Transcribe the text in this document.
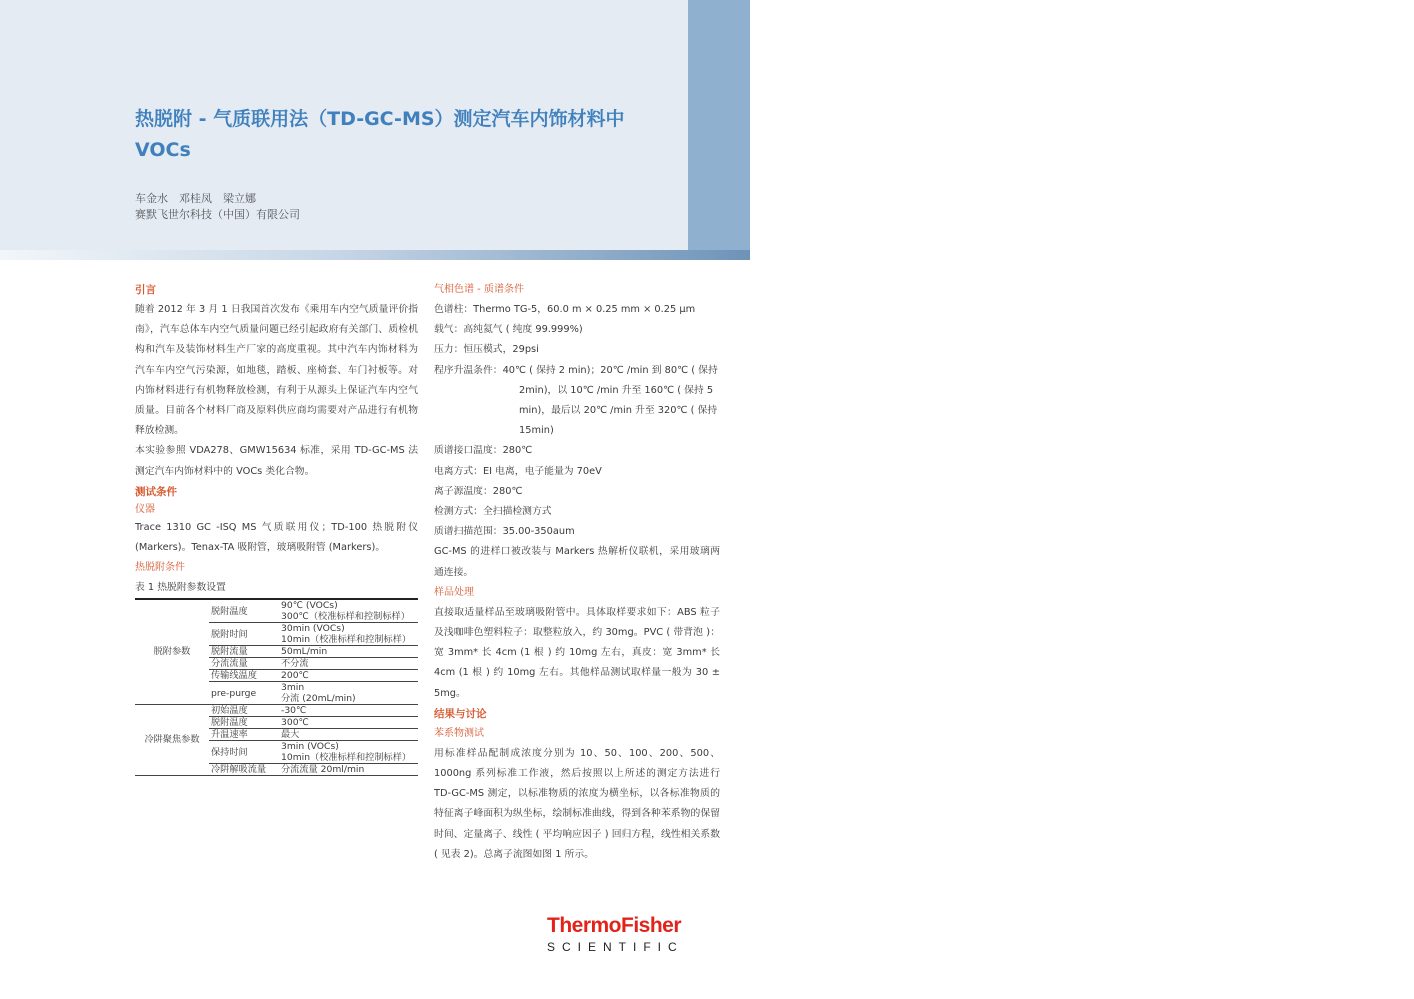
Application Notes C_GCMS-8
热脱附 - 气质联用法（TD-GC-MS）测定汽车内饰材料中 VOCs
车金水　邓桂凤　梁立娜
赛默飞世尔科技（中国）有限公司
引言

随着 2012 年 3 月 1 日我国首次发布《乘用车内空气质量评价指南》，汽车总体车内空气质量问题已经引起政府有关部门、质检机构和汽车及装饰材料生产厂家的高度重视。其中汽车内饰材料为汽车车内空气污染源，如地毯，踏板、座椅套、车门衬板等。对内饰材料进行有机物释放检测，有利于从源头上保证汽车内空气质量。目前各个材料厂商及原料供应商均需要对产品进行有机物释放检测。

本实验参照 VDA278、GMW15634 标准，采用 TD-GC-MS 法测定汽车内饰材料中的 VOCs 类化合物。

测试条件
仪器

Trace 1310 GC -ISQ MS 气质联用仪；TD-100 热脱附仪 (Markers)。Tenax-TA 吸附管，玻璃吸附管 (Markers)。

热脱附条件
表 1 热脱附参数设置
脱附参数	脱附温度	90℃ (VOCs)
300℃（校准标样和控制标样）

	脱附时间	30min (VOCs)
10min（校准标样和控制标样）

	脱附流量	50mL/min
	分流流量	不分流
	传输线温度	200℃
	pre-purge	3min
分流 (20mL/min)

冷阱聚焦参数	初始温度	-30℃
	脱附温度	300℃
	升温速率	最大
	保持时间	3min (VOCs)
10min（校准标样和控制标样）

	冷阱解吸流量	分流流量 20ml/min
气相色谱 - 质谱条件
色谱柱：Thermo TG-5，60.0 m × 0.25 mm × 0.25 μm
载气：高纯氦气 ( 纯度 99.999%)
压力：恒压模式，29psi
程序升温条件：40℃ ( 保持 2 min)；20℃ /min 到 80℃ ( 保持 2min)，以 10℃ /min 升至 160℃ ( 保持 5 min)，最后以 20℃ /min 升至 320℃ ( 保持 15min)
质谱接口温度：280℃
电离方式：EI 电离，电子能量为 70eV
离子源温度：280℃
检测方式：全扫描检测方式
质谱扫描范围：35.00-350aum

GC-MS 的进样口被改装与 Markers 热解析仪联机，采用玻璃两通连接。

样品处理

直接取适量样品至玻璃吸附管中。具体取样要求如下：ABS 粒子及浅咖啡色塑料粒子：取整粒放入，约 30mg。PVC ( 带背泡 )：宽 3mm* 长 4cm (1 根 ) 约 10mg 左右，真皮：宽 3mm* 长 4cm (1 根 ) 约 10mg 左右。其他样品测试取样量一般为 30 ± 5mg。

结果与讨论
苯系物测试

用标准样品配制成浓度分别为 10、50、100、200、500、1000ng 系列标准工作液，然后按照以上所述的测定方法进行 TD-GC-MS 测定，以标准物质的浓度为横坐标，以各标准物质的特征离子峰面积为纵坐标，绘制标准曲线，得到各种苯系物的保留时间、定量离子、线性 ( 平均响应因子 ) 回归方程，线性相关系数 ( 见表 2)。总离子流图如图 1 所示。

ThermoFisher
SCIENTIFIC
